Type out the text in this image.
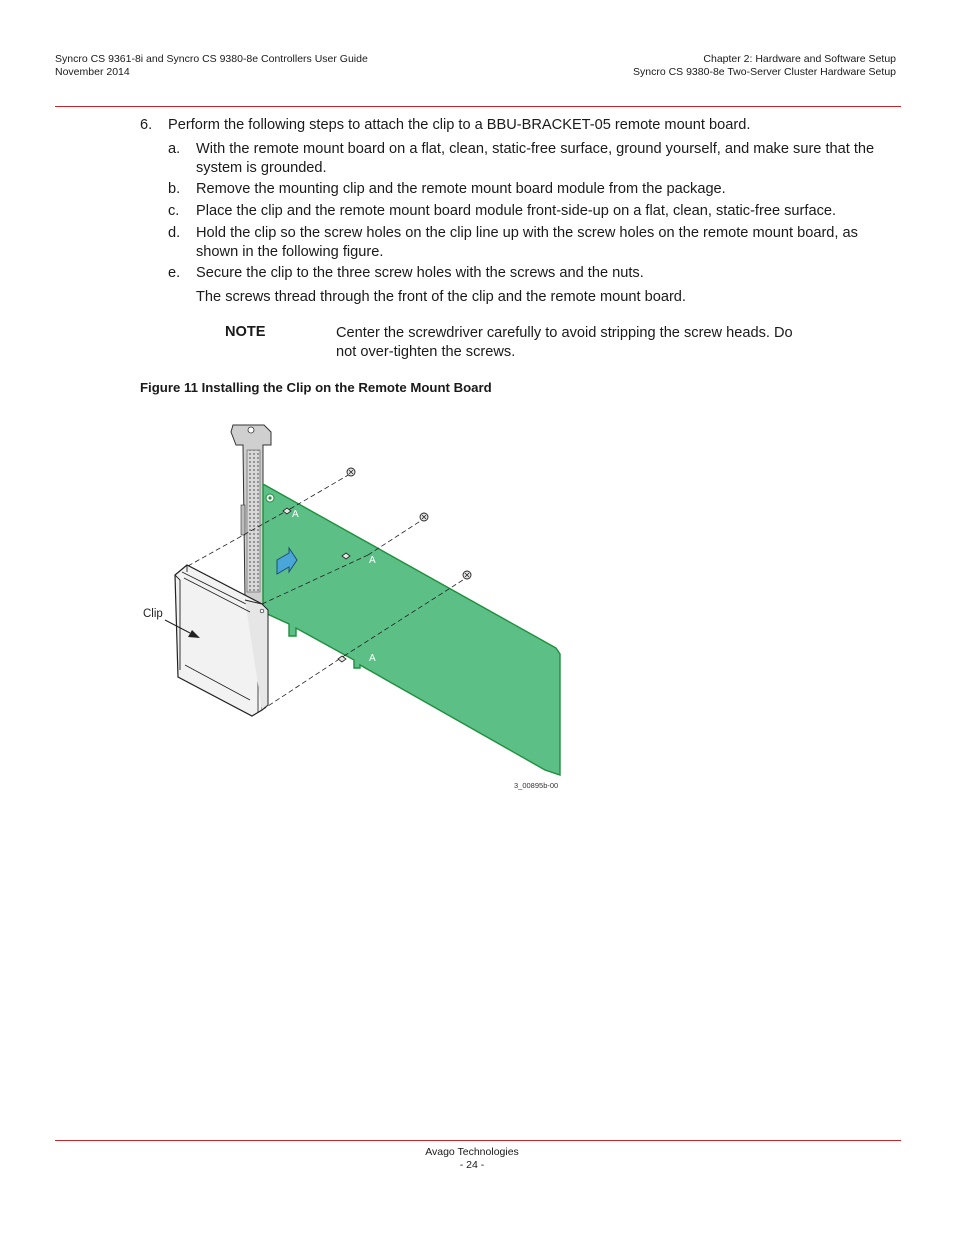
Syncro CS 9361-8i and Syncro CS 9380-8e Controllers User Guide
November 2014
Chapter 2: Hardware and Software Setup
Syncro CS 9380-8e Two-Server Cluster Hardware Setup
6. Perform the following steps to attach the clip to a BBU-BRACKET-05 remote mount board.
a. With the remote mount board on a flat, clean, static-free surface, ground yourself, and make sure that the system is grounded.
b. Remove the mounting clip and the remote mount board module from the package.
c. Place the clip and the remote mount board module front-side-up on a flat, clean, static-free surface.
d. Hold the clip so the screw holes on the clip line up with the screw holes on the remote mount board, as shown in the following figure.
e. Secure the clip to the three screw holes with the screws and the nuts.
The screws thread through the front of the clip and the remote mount board.
NOTE	Center the screwdriver carefully to avoid stripping the screw heads. Do not over-tighten the screws.
Figure 11 Installing the Clip on the Remote Mount Board
A
A
A
Clip
3_00895b-00
Avago Technologies
- 24 -
